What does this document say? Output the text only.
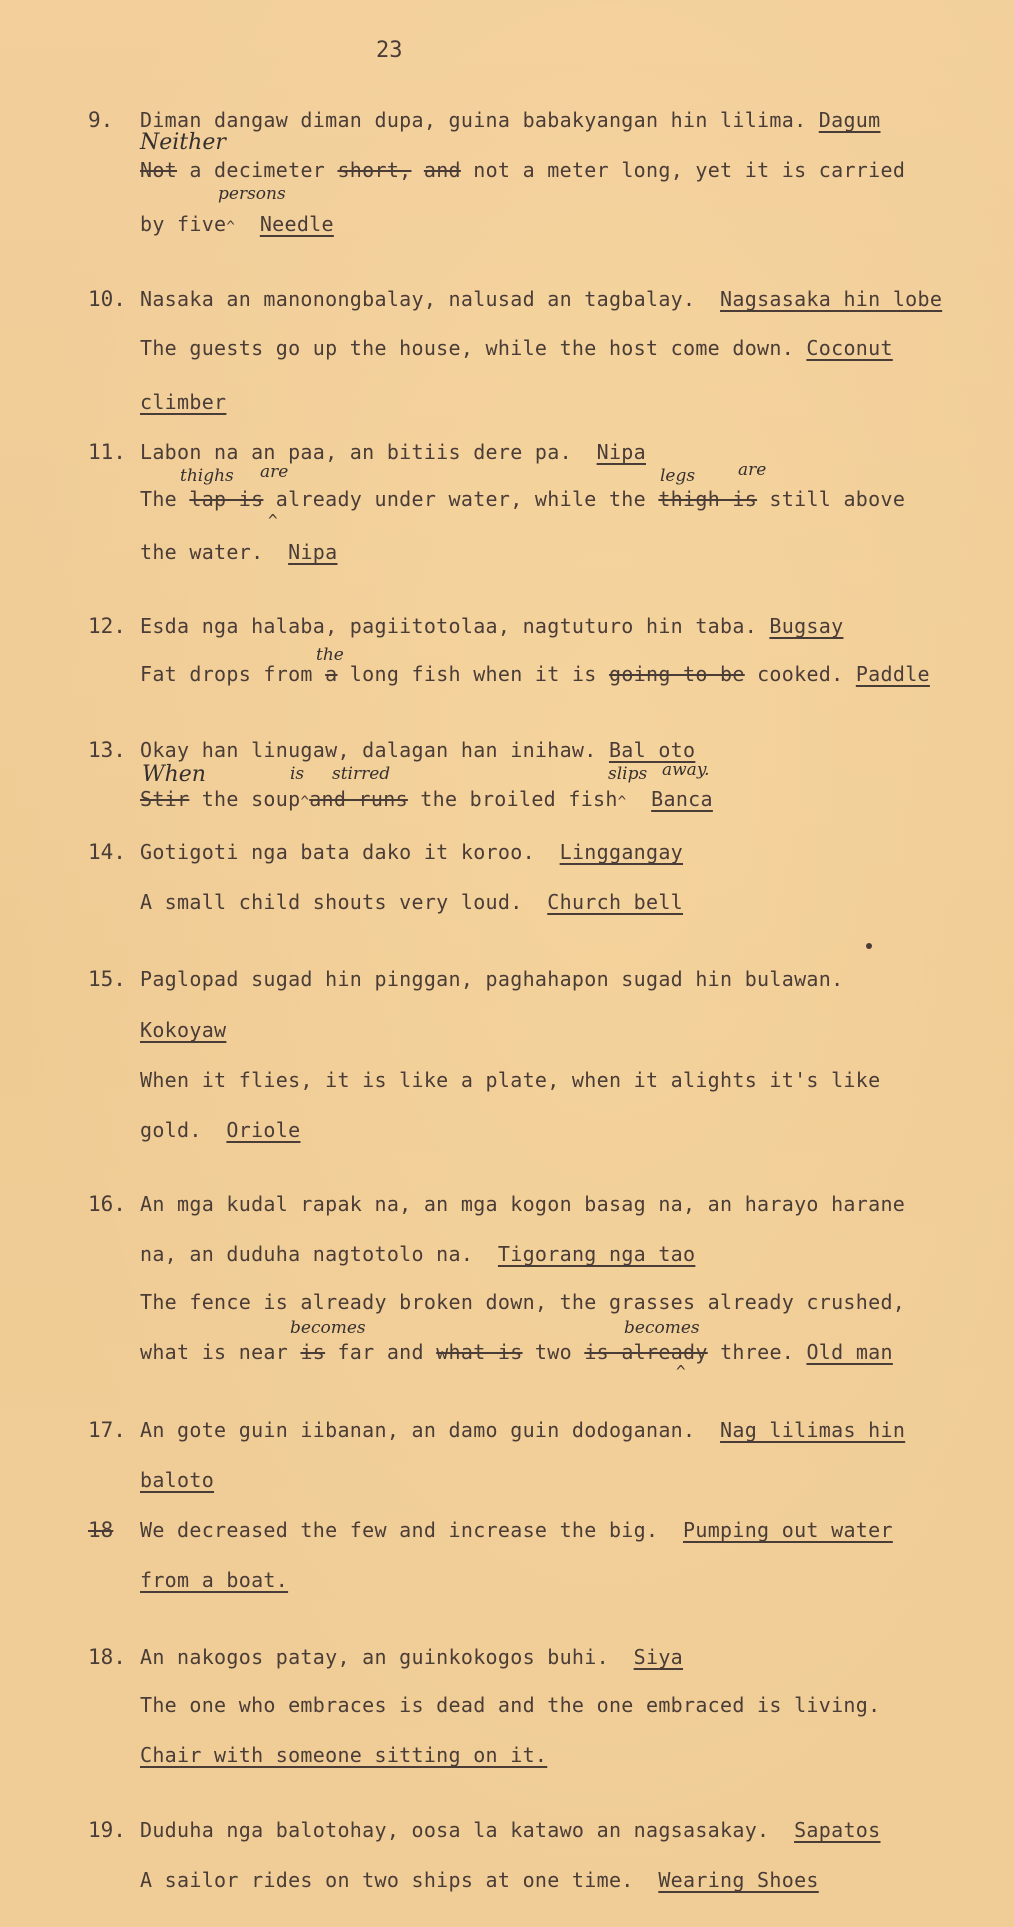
23
9. Diman dangaw diman dupa, guina babakyangan hin lilima. Dagum
Neither
Not a decimeter short, and not a meter long, yet it is carried
persons
by five^ Needle
10. Nasaka an manonongbalay, nalusad an tagbalay. Nagsasaka hin lobe
The guests go up the house, while the host come down. Coconut
climber
11. Labon na an paa, an bitiis dere pa. Nipa
thighs are	legs	are
The lap is already under water, while the thigh is still above
^
the water. Nipa
12. Esda nga halaba, pagiitotolaa, nagtuturo hin taba. Bugsay
the
Fat drops from a long fish when it is going to be cooked. Paddle
13. Okay han linugaw, dalagan han inihaw. Bal oto
When	is stirred	slips away.
Stir the soup^and runs the broiled fish^ Banca
14. Gotigoti nga bata dako it koroo. Linggangay
A small child shouts very loud. Church bell
15. Paglopad sugad hin pinggan, paghahapon sugad hin bulawan.
Kokoyaw
When it flies, it is like a plate, when it alights it's like
gold. Oriole
16. An mga kudal rapak na, an mga kogon basag na, an harayo harane
na, an duduha nagtotolo na. Tigorang nga tao
The fence is already broken down, the grasses already crushed,
becomes	becomes
what is near is far and what is two is already three. Old man
^
17. An gote guin iibanan, an damo guin dodoganan. Nag lilimas hin
baloto
18 We decreased the few and increase the big. Pumping out water
from a boat.
18. An nakogos patay, an guinkokogos buhi. Siya
The one who embraces is dead and the one embraced is living.
Chair with someone sitting on it.
19. Duduha nga balotohay, oosa la katawo an nagsasakay. Sapatos
A sailor rides on two ships at one time. Wearing Shoes
